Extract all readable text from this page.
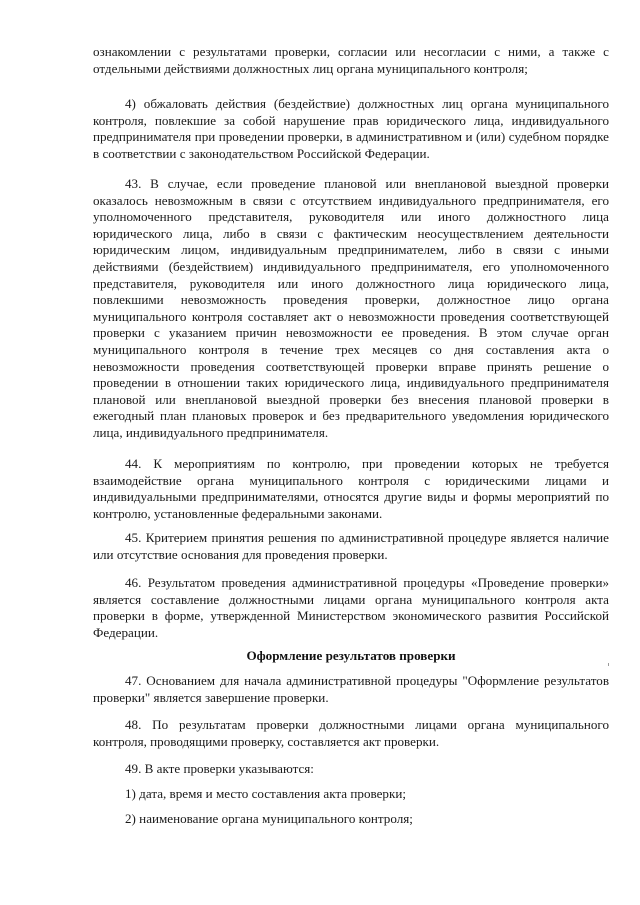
ознакомлении с результатами проверки, согласии или несогласии с ними, а также с отдельными действиями должностных лиц органа муниципального контроля;

4) обжаловать действия (бездействие) должностных лиц органа муниципального контроля, повлекшие за собой нарушение прав юридического лица, индивидуального предпринимателя при проведении проверки, в административном и (или) судебном порядке в соответствии с законодательством Российской Федерации.

43. В случае, если проведение плановой или внеплановой выездной проверки оказалось невозможным в связи с отсутствием индивидуального предпринимателя, его уполномоченного представителя, руководителя или иного должностного лица юридического лица, либо в связи с фактическим неосуществлением деятельности юридическим лицом, индивидуальным предпринимателем, либо в связи с иными действиями (бездействием) индивидуального предпринимателя, его уполномоченного представителя, руководителя или иного должностного лица юридического лица, повлекшими невозможность проведения проверки, должностное лицо органа муниципального контроля составляет акт о невозможности проведения соответствующей проверки с указанием причин невозможности ее проведения. В этом случае орган муниципального контроля в течение трех месяцев со дня составления акта о невозможности проведения соответствующей проверки вправе принять решение о проведении в отношении таких юридического лица, индивидуального предпринимателя плановой или внеплановой выездной проверки без внесения плановой проверки в ежегодный план плановых проверок и без предварительного уведомления юридического лица, индивидуального предпринимателя.

44. К мероприятиям по контролю, при проведении которых не требуется взаимодействие органа муниципального контроля с юридическими лицами и индивидуальными предпринимателями, относятся другие виды и формы мероприятий по контролю, установленные федеральными законами.

45. Критерием принятия решения по административной процедуре является наличие или отсутствие основания для проведения проверки.

46. Результатом проведения административной процедуры «Проведение проверки» является составление должностными лицами органа муниципального контроля акта проверки в форме, утвержденной Министерством экономического развития Российской Федерации.

Оформление результатов проверки

47. Основанием для начала административной процедуры "Оформление результатов проверки" является завершение проверки.

48. По результатам проверки должностными лицами органа муниципального контроля, проводящими проверку, составляется акт проверки.

49. В акте проверки указываются:

1) дата, время и место составления акта проверки;

2) наименование органа муниципального контроля;
